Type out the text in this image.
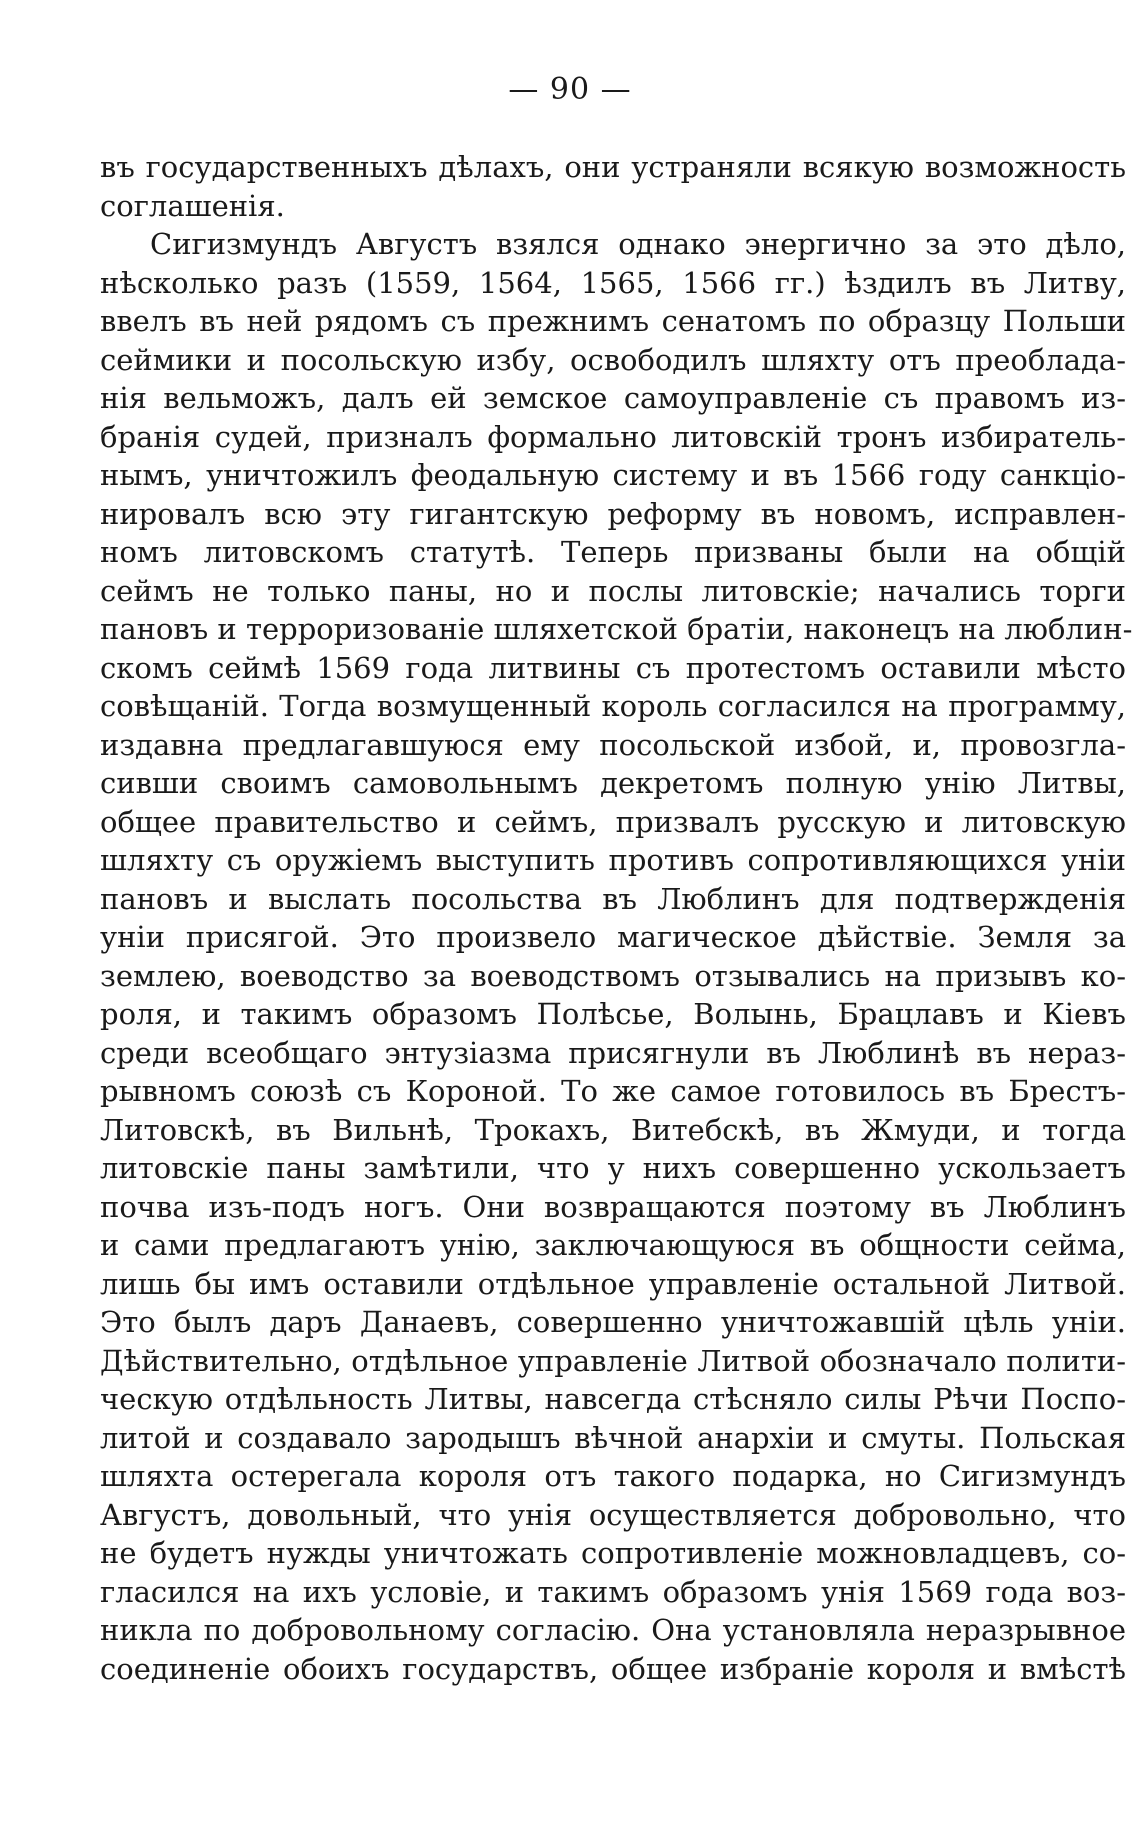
— 90 —
въ государственныхъ дѣлахъ, они устраняли всякую возможность
соглашенія.
Сигизмундъ Августъ взялся однако энергично за это дѣло,
нѣсколько разъ (1559, 1564, 1565, 1566 гг.) ѣздилъ въ Литву,
ввелъ въ ней рядомъ съ прежнимъ сенатомъ по образцу Польши
сеймики и посольскую избу, освободилъ шляхту отъ преоблада-
нія вельможъ, далъ ей земское самоуправленіе съ правомъ из-
бранія судей, призналъ формально литовскій тронъ избиратель-
нымъ, уничтожилъ феодальную систему и въ 1566 году санкціо-
нировалъ всю эту гигантскую реформу въ новомъ, исправлен-
номъ литовскомъ статутѣ. Теперь призваны были на общій
сеймъ не только паны, но и послы литовскіе; начались торги
пановъ и терроризованіе шляхетской братіи, наконецъ на люблин-
скомъ сеймѣ 1569 года литвины съ протестомъ оставили мѣсто
совѣщаній. Тогда возмущенный король согласился на программу,
издавна предлагавшуюся ему посольской избой, и, провозгла-
сивши своимъ самовольнымъ декретомъ полную унію Литвы,
общее правительство и сеймъ, призвалъ русскую и литовскую
шляхту съ оружіемъ выступить противъ сопротивляющихся уніи
пановъ и выслать посольства въ Люблинъ для подтвержденія
уніи присягой. Это произвело магическое дѣйствіе. Земля за
землею, воеводство за воеводствомъ отзывались на призывъ ко-
роля, и такимъ образомъ Полѣсье, Волынь, Брацлавъ и Кіевъ
среди всеобщаго энтузіазма присягнули въ Люблинѣ въ нераз-
рывномъ союзѣ съ Короной. То же самое готовилось въ Брестъ-
Литовскѣ, въ Вильнѣ, Трокахъ, Витебскѣ, въ Жмуди, и тогда
литовскіе паны замѣтили, что у нихъ совершенно ускользаетъ
почва изъ-подъ ногъ. Они возвращаются поэтому въ Люблинъ
и сами предлагаютъ унію, заключающуюся въ общности сейма,
лишь бы имъ оставили отдѣльное управленіе остальной Литвой.
Это былъ даръ Данаевъ, совершенно уничтожавшій цѣль уніи.
Дѣйствительно, отдѣльное управленіе Литвой обозначало полити-
ческую отдѣльность Литвы, навсегда стѣсняло силы Рѣчи Поспо-
литой и создавало зародышъ вѣчной анархіи и смуты. Польская
шляхта остерегала короля отъ такого подарка, но Сигизмундъ
Августъ, довольный, что унія осуществляется добровольно, что
не будетъ нужды уничтожать сопротивленіе можновладцевъ, со-
гласился на ихъ условіе, и такимъ образомъ унія 1569 года воз-
никла по добровольному согласію. Она установляла неразрывное
соединеніе обоихъ государствъ, общее избраніе короля и вмѣстѣ
